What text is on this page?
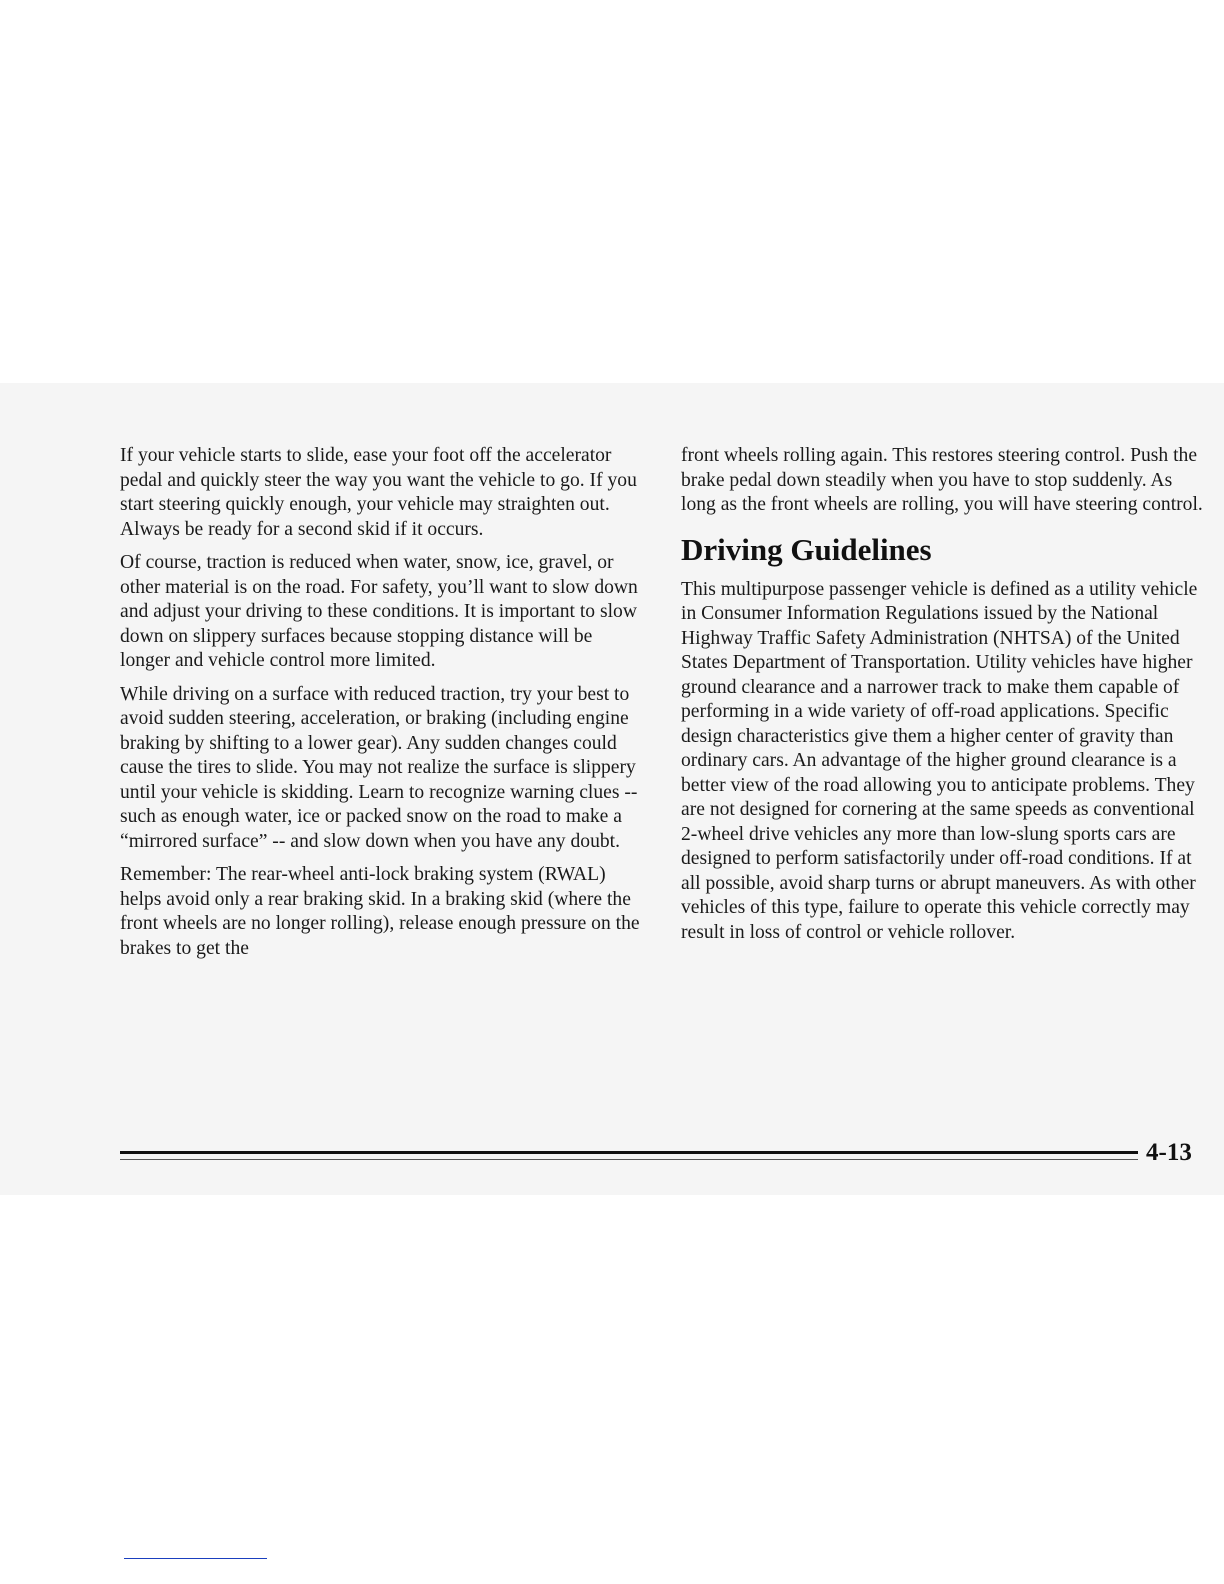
If your vehicle starts to slide, ease your foot off the accelerator pedal and quickly steer the way you want the vehicle to go. If you start steering quickly enough, your vehicle may straighten out. Always be ready for a second skid if it occurs.

Of course, traction is reduced when water, snow, ice, gravel, or other material is on the road. For safety, you’ll want to slow down and adjust your driving to these conditions. It is important to slow down on slippery surfaces because stopping distance will be longer and vehicle control more limited.

While driving on a surface with reduced traction, try your best to avoid sudden steering, acceleration, or braking (including engine braking by shifting to a lower gear). Any sudden changes could cause the tires to slide. You may not realize the surface is slippery until your vehicle is skidding. Learn to recognize warning clues -- such as enough water, ice or packed snow on the road to make a “mirrored surface” -- and slow down when you have any doubt.

Remember: The rear-wheel anti-lock braking system (RWAL) helps avoid only a rear braking skid. In a braking skid (where the front wheels are no longer rolling), release enough pressure on the brakes to get the

front wheels rolling again. This restores steering control. Push the brake pedal down steadily when you have to stop suddenly. As long as the front wheels are rolling, you will have steering control.

Driving Guidelines

This multipurpose passenger vehicle is defined as a utility vehicle in Consumer Information Regulations issued by the National Highway Traffic Safety Administration (NHTSA) of the United States Department of Transportation. Utility vehicles have higher ground clearance and a narrower track to make them capable of performing in a wide variety of off-road applications. Specific design characteristics give them a higher center of gravity than ordinary cars. An advantage of the higher ground clearance is a better view of the road allowing you to anticipate problems. They are not designed for cornering at the same speeds as conventional 2-wheel drive vehicles any more than low-slung sports cars are designed to perform satisfactorily under off-road conditions. If at all possible, avoid sharp turns or abrupt maneuvers. As with other vehicles of this type, failure to operate this vehicle correctly may result in loss of control or vehicle rollover.

4-13
